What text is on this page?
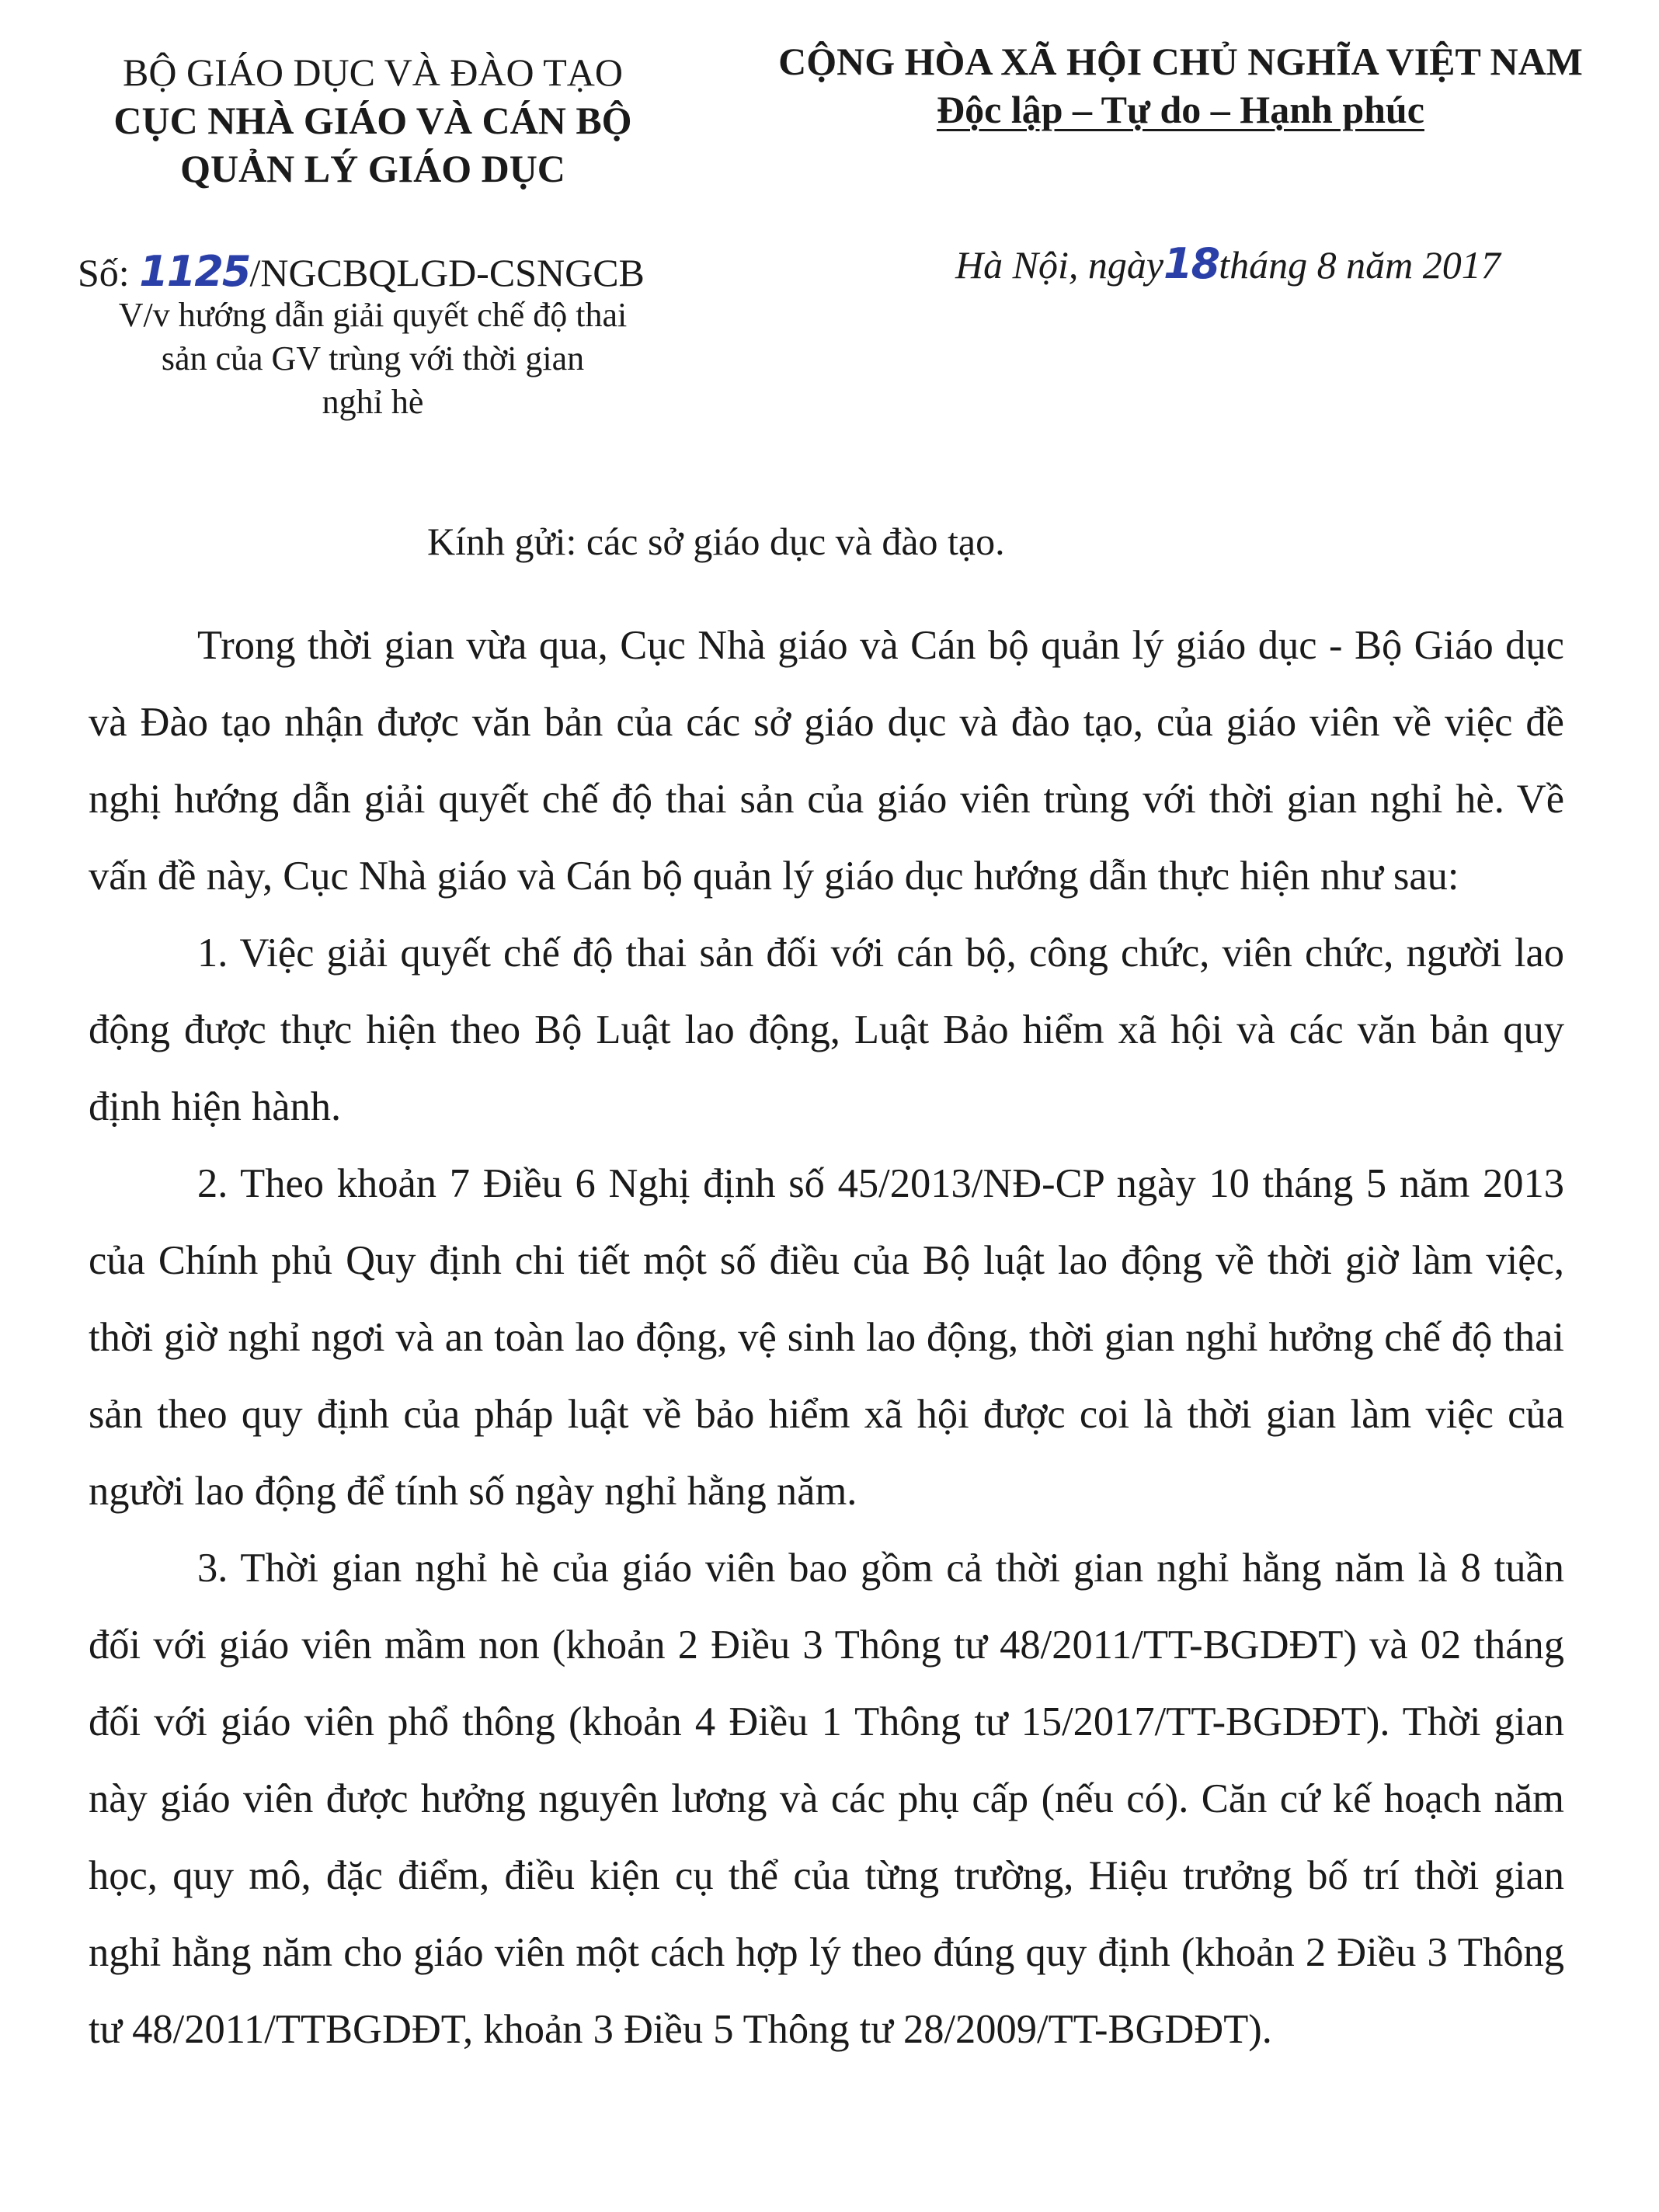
BỘ GIÁO DỤC VÀ ĐÀO TẠO
CỤC NHÀ GIÁO VÀ CÁN BỘ
QUẢN LÝ GIÁO DỤC
CỘNG HÒA XÃ HỘI CHỦ NGHĨA VIỆT NAM
Độc lập – Tự do – Hạnh phúc
Số: 1125/NGCBQLGD-CSNGCB
V/v hướng dẫn giải quyết chế độ thai
sản của GV trùng với thời gian
nghỉ hè
Hà Nội, ngày18tháng 8 năm 2017
Kính gửi: các sở giáo dục và đào tạo.

Trong thời gian vừa qua, Cục Nhà giáo và Cán bộ quản lý giáo dục - Bộ Giáo dục và Đào tạo nhận được văn bản của các sở giáo dục và đào tạo, của giáo viên về việc đề nghị hướng dẫn giải quyết chế độ thai sản của giáo viên trùng với thời gian nghỉ hè. Về vấn đề này, Cục Nhà giáo và Cán bộ quản lý giáo dục hướng dẫn thực hiện như sau:

1. Việc giải quyết chế độ thai sản đối với cán bộ, công chức, viên chức, người lao động được thực hiện theo Bộ Luật lao động, Luật Bảo hiểm xã hội và các văn bản quy định hiện hành.

2. Theo khoản 7 Điều 6 Nghị định số 45/2013/NĐ-CP ngày 10 tháng 5 năm 2013 của Chính phủ Quy định chi tiết một số điều của Bộ luật lao động về thời giờ làm việc, thời giờ nghỉ ngơi và an toàn lao động, vệ sinh lao động, thời gian nghỉ hưởng chế độ thai sản theo quy định của pháp luật về bảo hiểm xã hội được coi là thời gian làm việc của người lao động để tính số ngày nghỉ hằng năm.

3. Thời gian nghỉ hè của giáo viên bao gồm cả thời gian nghỉ hằng năm là 8 tuần đối với giáo viên mầm non (khoản 2 Điều 3 Thông tư 48/2011/TT-BGDĐT) và 02 tháng đối với giáo viên phổ thông (khoản 4 Điều 1 Thông tư 15/2017/TT-BGDĐT). Thời gian này giáo viên được hưởng nguyên lương và các phụ cấp (nếu có). Căn cứ kế hoạch năm học, quy mô, đặc điểm, điều kiện cụ thể của từng trường, Hiệu trưởng bố trí thời gian nghỉ hằng năm cho giáo viên một cách hợp lý theo đúng quy định (khoản 2 Điều 3 Thông tư 48/2011/TTBGDĐT, khoản 3 Điều 5 Thông tư 28/2009/TT-BGDĐT).
